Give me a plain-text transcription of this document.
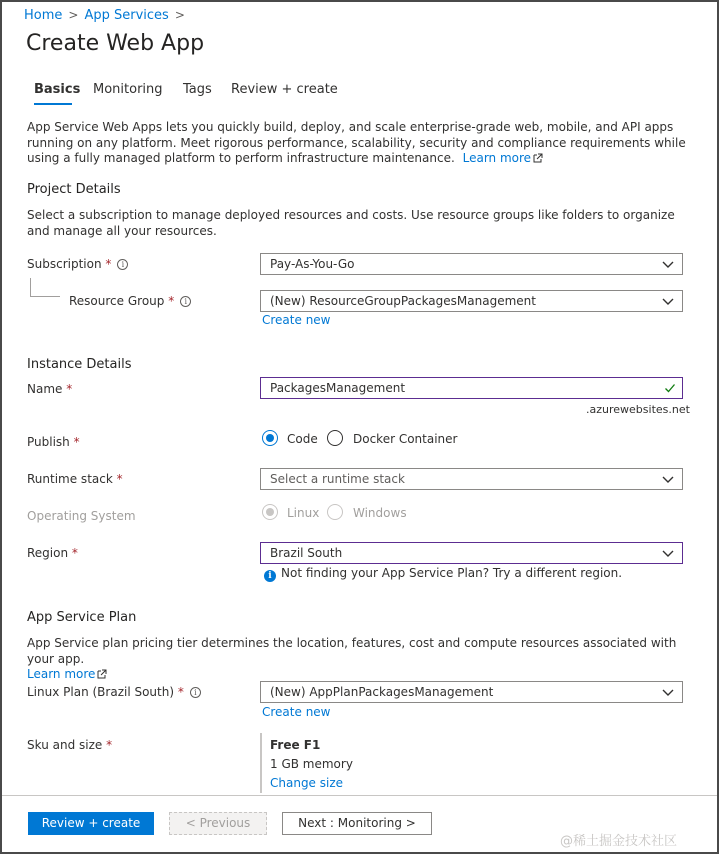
Home > App Services >
Create Web App
Basics Monitoring Tags Review + create
App Service Web Apps lets you quickly build, deploy, and scale enterprise-grade web, mobile, and API apps running on any platform. Meet rigorous performance, scalability, security and compliance requirements while using a fully managed platform to perform infrastructure maintenance. Learn more
Project Details
Select a subscription to manage deployed resources and costs. Use resource groups like folders to organize and manage all your resources.
Subscription * i	Pay-As-You-Go
Resource Group * i	(New) ResourceGroupPackagesManagement
Create new
Instance Details
Name *	PackagesManagement
.azurewebsites.net
Publish *	Code	Docker Container
Runtime stack *	Select a runtime stack
Operating System	Linux	Windows
Region *	Brazil South
i Not finding your App Service Plan? Try a different region.
App Service Plan
App Service plan pricing tier determines the location, features, cost and compute resources associated with your app.
Learn more
Linux Plan (Brazil South) * i	(New) AppPlanPackagesManagement
Create new
Sku and size *	Free F1
1 GB memory
Change size
Review + create	< Previous	Next : Monitoring >
@稀土掘金技术社区
